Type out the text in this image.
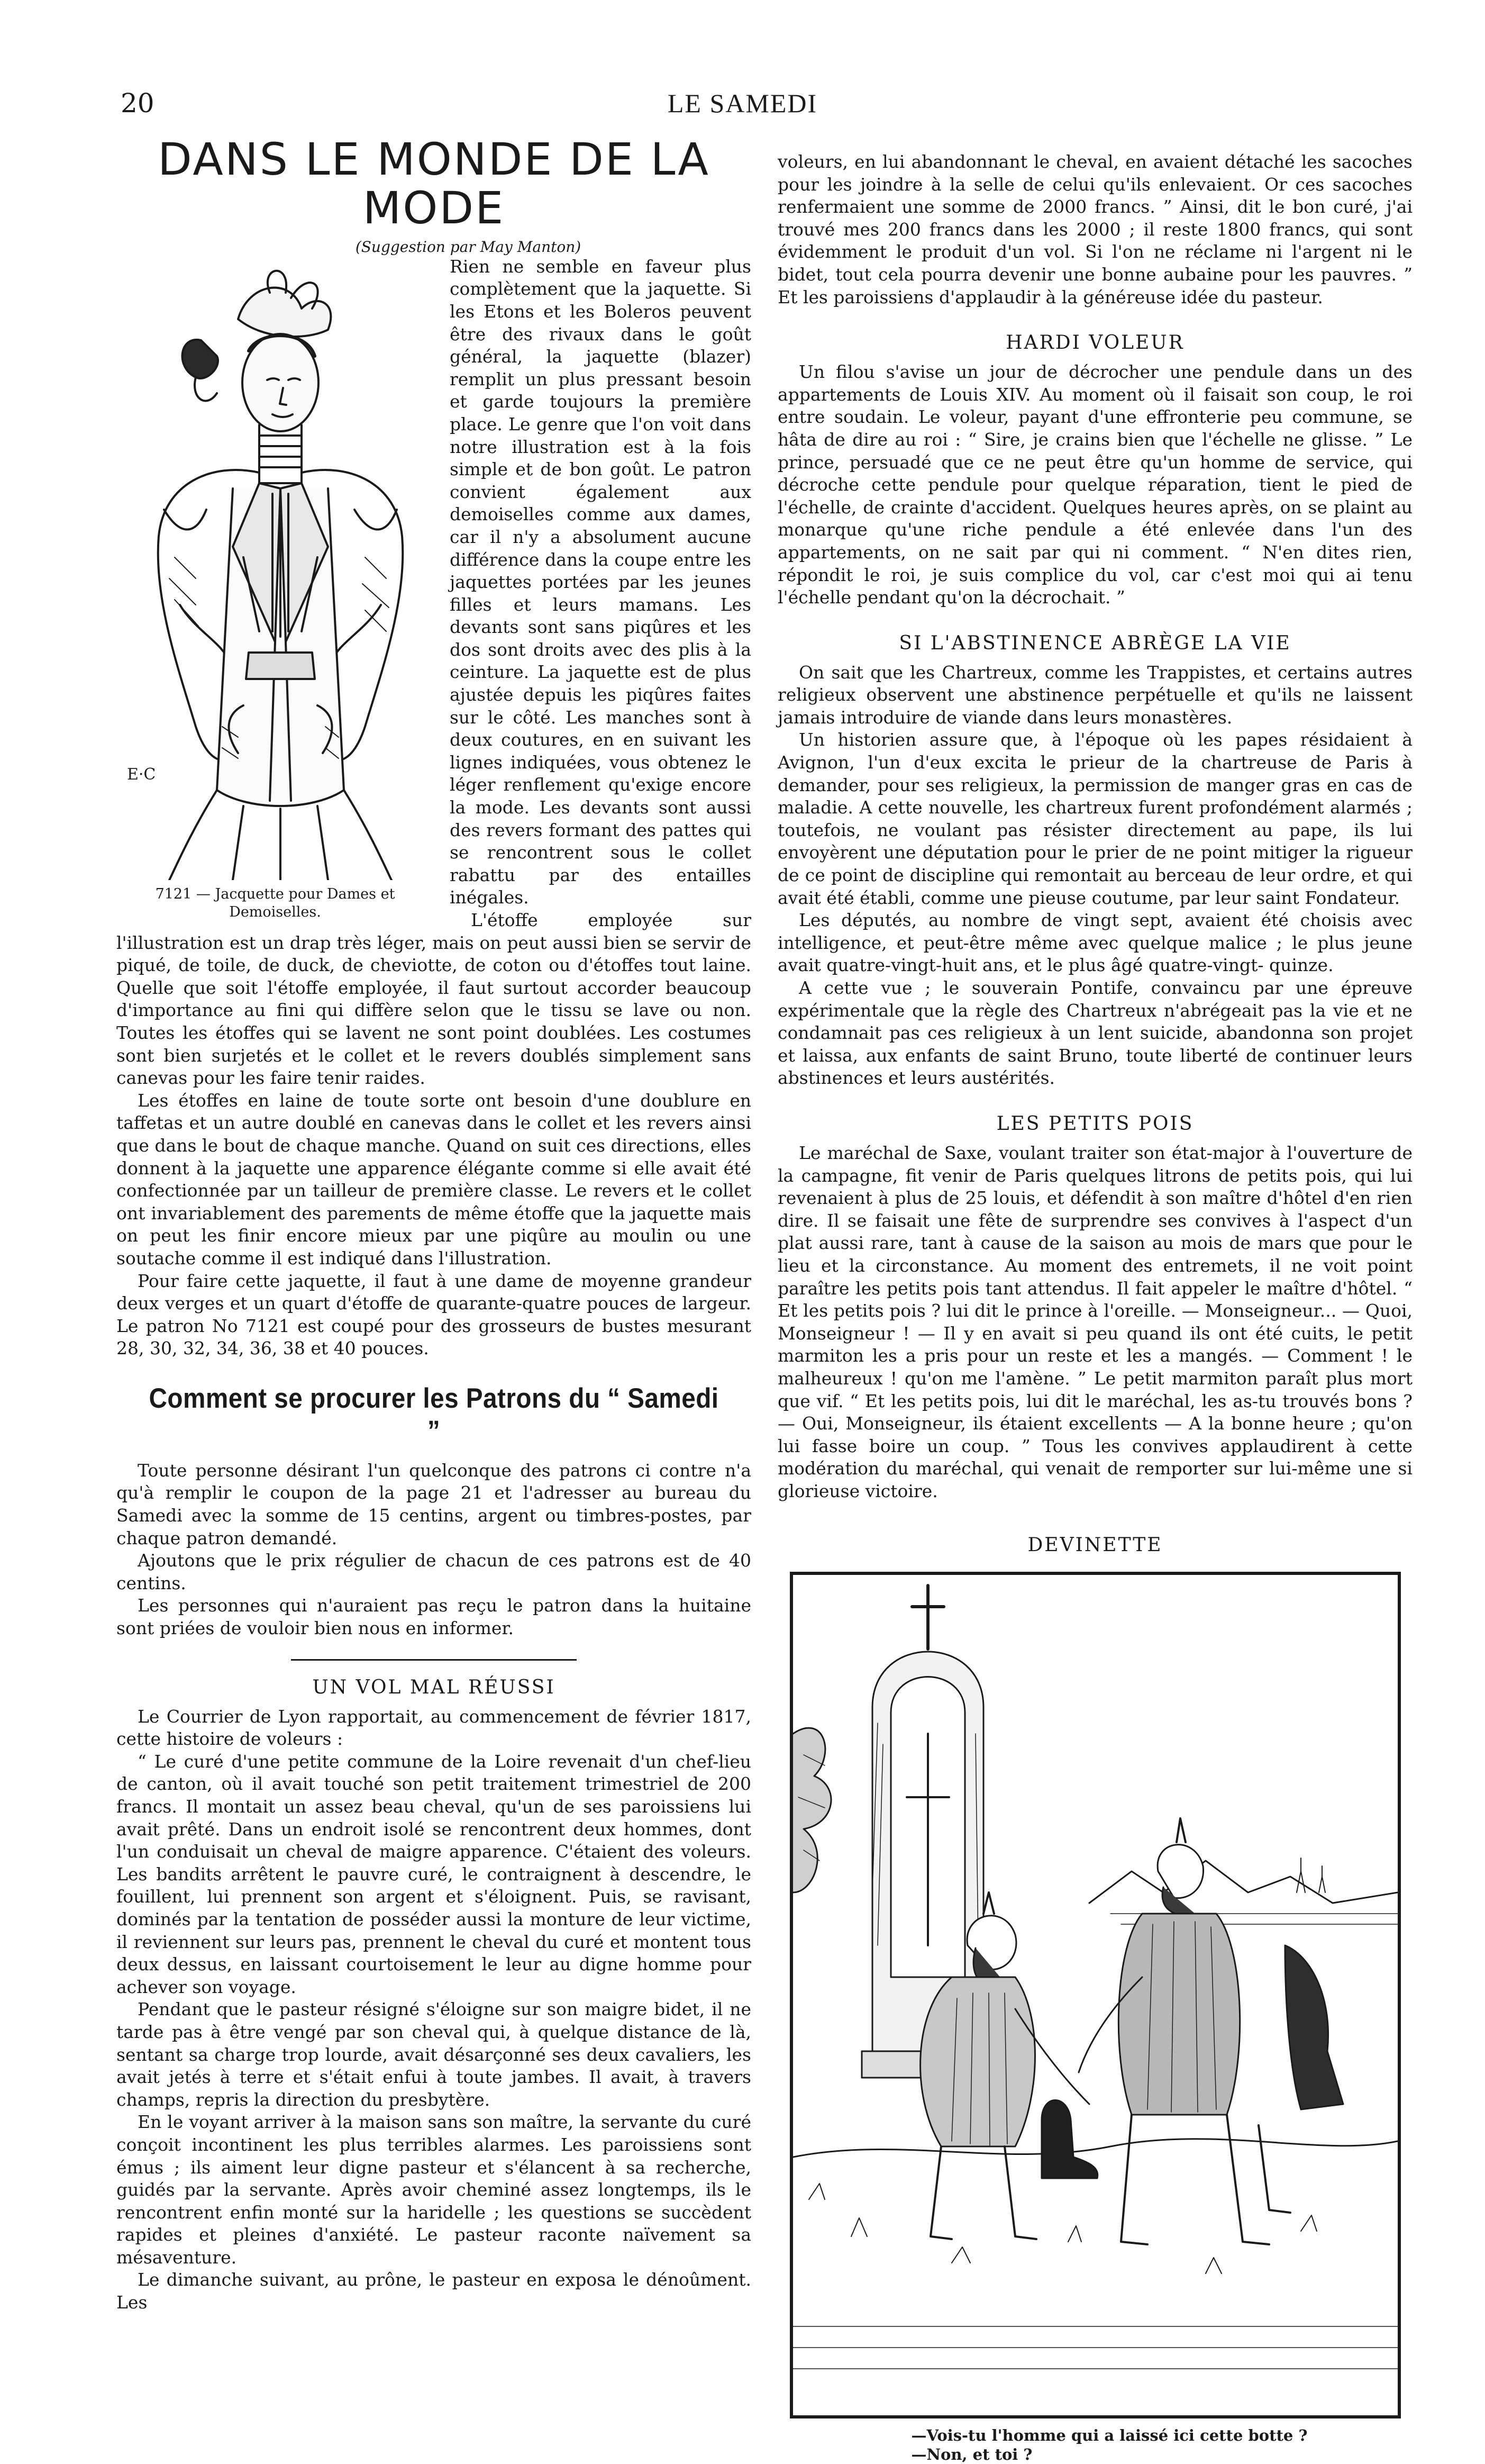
20	LE SAMEDI
DANS LE MONDE DE LA MODE
(Suggestion par May Manton)
E·C
7121 — Jacquette pour Dames et Demoiselles.

Rien ne semble en faveur plus complètement que la jaquette. Si les Etons et les Boleros peuvent être des rivaux dans le goût général, la jaquette (blazer) remplit un plus pressant besoin et garde toujours la première place. Le genre que l'on voit dans notre illustration est à la fois simple et de bon goût. Le patron convient également aux demoiselles comme aux dames, car il n'y a absolument aucune différence dans la coupe entre les jaquettes portées par les jeunes filles et leurs mamans. Les devants sont sans piqûres et les dos sont droits avec des plis à la ceinture. La jaquette est de plus ajustée depuis les piqûres faites sur le côté. Les manches sont à deux coutures, en en suivant les lignes indiquées, vous obtenez le léger renflement qu'exige encore la mode. Les devants sont aussi des revers formant des pattes qui se rencontrent sous le collet rabattu par des entailles inégales.

L'étoffe employée sur l'illustration est un drap très léger, mais on peut aussi bien se servir de piqué, de toile, de duck, de cheviotte, de coton ou d'étoffes tout laine. Quelle que soit l'étoffe employée, il faut surtout accorder beaucoup d'importance au fini qui diffère selon que le tissu se lave ou non. Toutes les étoffes qui se lavent ne sont point doublées. Les costumes sont bien surjetés et le collet et le revers doublés simplement sans canevas pour les faire tenir raides.

Les étoffes en laine de toute sorte ont besoin d'une doublure en taffetas et un autre doublé en canevas dans le collet et les revers ainsi que dans le bout de chaque manche. Quand on suit ces directions, elles donnent à la jaquette une apparence élégante comme si elle avait été confectionnée par un tailleur de première classe. Le revers et le collet ont invariablement des parements de même étoffe que la jaquette mais on peut les finir encore mieux par une piqûre au moulin ou une soutache comme il est indiqué dans l'illustration.

Pour faire cette jaquette, il faut à une dame de moyenne grandeur deux verges et un quart d'étoffe de quarante-quatre pouces de largeur. Le patron No 7121 est coupé pour des grosseurs de bustes mesurant 28, 30, 32, 34, 36, 38 et 40 pouces.

Comment se procurer les Patrons du “ Samedi ”

Toute personne désirant l'un quelconque des patrons ci contre n'a qu'à remplir le coupon de la page 21 et l'adresser au bureau du Samedi avec la somme de 15 centins, argent ou timbres-postes, par chaque patron demandé.

Ajoutons que le prix régulier de chacun de ces patrons est de 40 centins.

Les personnes qui n'auraient pas reçu le patron dans la huitaine sont priées de vouloir bien nous en informer.

UN VOL MAL RÉUSSI

Le Courrier de Lyon rapportait, au commencement de février 1817, cette histoire de voleurs :

“ Le curé d'une petite commune de la Loire revenait d'un chef-lieu de canton, où il avait touché son petit traitement trimestriel de 200 francs. Il montait un assez beau cheval, qu'un de ses paroissiens lui avait prêté. Dans un endroit isolé se rencontrent deux hommes, dont l'un conduisait un cheval de maigre apparence. C'étaient des voleurs. Les bandits arrêtent le pauvre curé, le contraignent à descendre, le fouillent, lui prennent son argent et s'éloignent. Puis, se ravisant, dominés par la tentation de posséder aussi la monture de leur victime, il reviennent sur leurs pas, prennent le cheval du curé et montent tous deux dessus, en laissant courtoisement le leur au digne homme pour achever son voyage.

Pendant que le pasteur résigné s'éloigne sur son maigre bidet, il ne tarde pas à être vengé par son cheval qui, à quelque distance de là, sentant sa charge trop lourde, avait désarçonné ses deux cavaliers, les avait jetés à terre et s'était enfui à toute jambes. Il avait, à travers champs, repris la direction du presbytère.

En le voyant arriver à la maison sans son maître, la servante du curé conçoit incontinent les plus terribles alarmes. Les paroissiens sont émus ; ils aiment leur digne pasteur et s'élancent à sa recherche, guidés par la servante. Après avoir cheminé assez longtemps, ils le rencontrent enfin monté sur la haridelle ; les questions se succèdent rapides et pleines d'anxiété. Le pasteur raconte naïvement sa mésaventure.

Le dimanche suivant, au prône, le pasteur en exposa le dénoûment. Les

voleurs, en lui abandonnant le cheval, en avaient détaché les sacoches pour les joindre à la selle de celui qu'ils enlevaient. Or ces sacoches renfermaient une somme de 2000 francs. ” Ainsi, dit le bon curé, j'ai trouvé mes 200 francs dans les 2000 ; il reste 1800 francs, qui sont évidemment le produit d'un vol. Si l'on ne réclame ni l'argent ni le bidet, tout cela pourra devenir une bonne aubaine pour les pauvres. ” Et les paroissiens d'applaudir à la généreuse idée du pasteur.

HARDI VOLEUR

Un filou s'avise un jour de décrocher une pendule dans un des appartements de Louis XIV. Au moment où il faisait son coup, le roi entre soudain. Le voleur, payant d'une effronterie peu commune, se hâta de dire au roi : “ Sire, je crains bien que l'échelle ne glisse. ” Le prince, persuadé que ce ne peut être qu'un homme de service, qui décroche cette pendule pour quelque réparation, tient le pied de l'échelle, de crainte d'accident. Quelques heures après, on se plaint au monarque qu'une riche pendule a été enlevée dans l'un des appartements, on ne sait par qui ni comment. “ N'en dites rien, répondit le roi, je suis complice du vol, car c'est moi qui ai tenu l'échelle pendant qu'on la décrochait. ”

SI L'ABSTINENCE ABRÈGE LA VIE

On sait que les Chartreux, comme les Trappistes, et certains autres religieux observent une abstinence perpétuelle et qu'ils ne laissent jamais introduire de viande dans leurs monastères.

Un historien assure que, à l'époque où les papes résidaient à Avignon, l'un d'eux excita le prieur de la chartreuse de Paris à demander, pour ses religieux, la permission de manger gras en cas de maladie. A cette nouvelle, les chartreux furent profondément alarmés ; toutefois, ne voulant pas résister directement au pape, ils lui envoyèrent une députation pour le prier de ne point mitiger la rigueur de ce point de discipline qui remontait au berceau de leur ordre, et qui avait été établi, comme une pieuse coutume, par leur saint Fondateur.

Les députés, au nombre de vingt sept, avaient été choisis avec intelligence, et peut-être même avec quelque malice ; le plus jeune avait quatre-vingt-huit ans, et le plus âgé quatre-vingt- quinze.

A cette vue ; le souverain Pontife, convaincu par une épreuve expérimentale que la règle des Chartreux n'abrégeait pas la vie et ne condamnait pas ces religieux à un lent suicide, abandonna son projet et laissa, aux enfants de saint Bruno, toute liberté de continuer leurs abstinences et leurs austérités.

LES PETITS POIS

Le maréchal de Saxe, voulant traiter son état-major à l'ouverture de la campagne, fit venir de Paris quelques litrons de petits pois, qui lui revenaient à plus de 25 louis, et défendit à son maître d'hôtel d'en rien dire. Il se faisait une fête de surprendre ses convives à l'aspect d'un plat aussi rare, tant à cause de la saison au mois de mars que pour le lieu et la circonstance. Au moment des entremets, il ne voit point paraître les petits pois tant attendus. Il fait appeler le maître d'hôtel. “ Et les petits pois ? lui dit le prince à l'oreille. — Monseigneur... — Quoi, Monseigneur ! — Il y en avait si peu quand ils ont été cuits, le petit marmiton les a pris pour un reste et les a mangés. — Comment ! le malheureux ! qu'on me l'amène. ” Le petit marmiton paraît plus mort que vif. “ Et les petits pois, lui dit le maréchal, les as-tu trouvés bons ? — Oui, Monseigneur, ils étaient excellents — A la bonne heure ; qu'on lui fasse boire un coup. ” Tous les convives applaudirent à cette modération du maréchal, qui venait de remporter sur lui-même une si glorieuse victoire.

DEVINETTE
—Vois-tu l'homme qui a laissé ici cette botte ?
—Non, et toi ?
